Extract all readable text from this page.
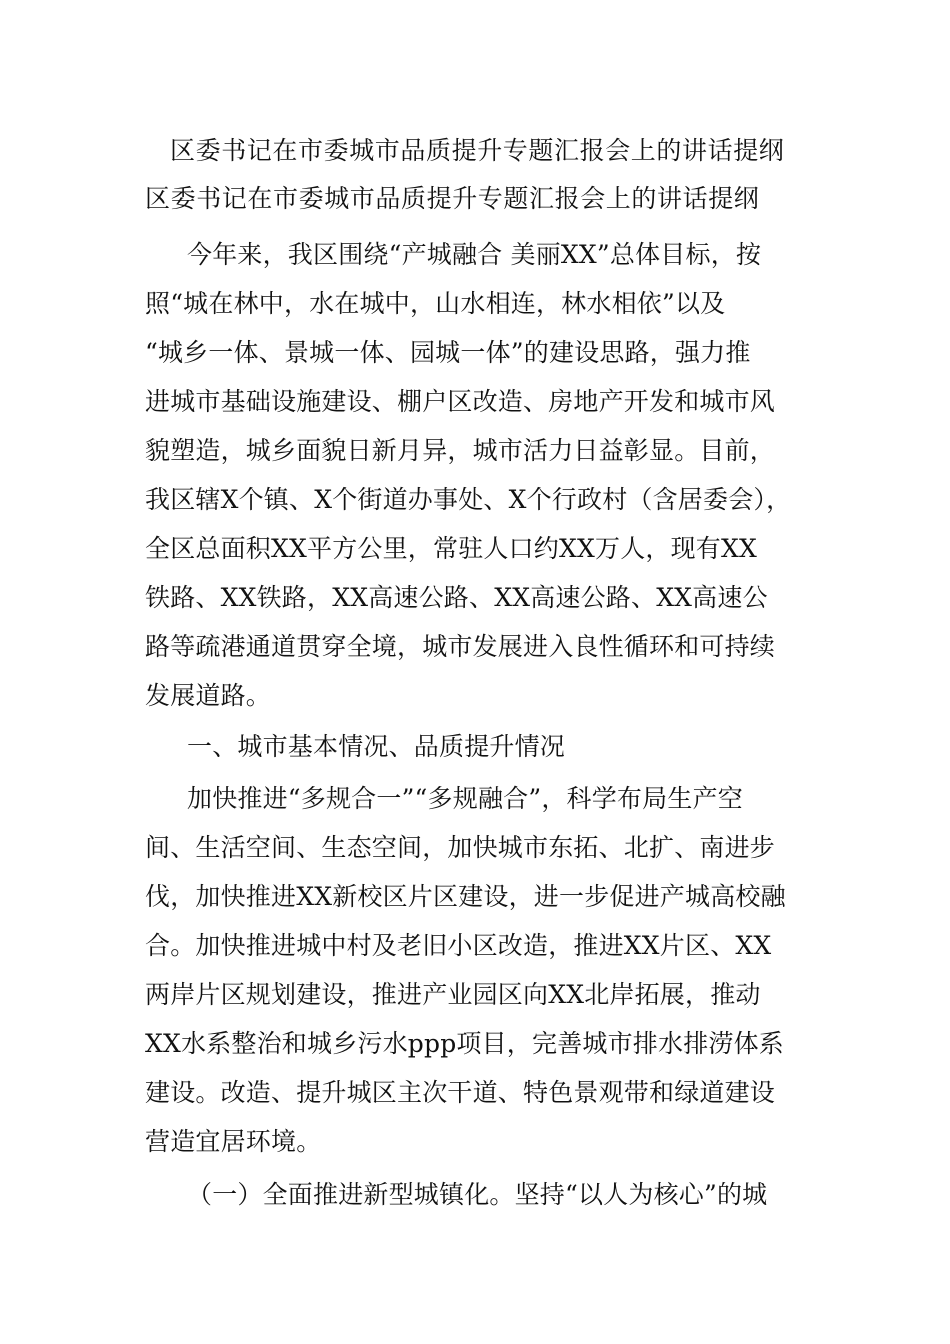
区委书记在市委城市品质提升专题汇报会上的讲话提纲
区委书记在市委城市品质提升专题汇报会上的讲话提纲
今年来，我区围绕“产城融合 美丽XX”总体目标，按
照“城在林中，水在城中，山水相连，林水相依”以及
“城乡一体、景城一体、园城一体”的建设思路，强力推
进城市基础设施建设、棚户区改造、房地产开发和城市风
貌塑造，城乡面貌日新月异，城市活力日益彰显。目前，
我区辖X个镇、X个街道办事处、X个行政村（含居委会），
全区总面积XX平方公里，常驻人口约XX万人，现有XX
铁路、XX铁路，XX高速公路、XX高速公路、XX高速公
路等疏港通道贯穿全境，城市发展进入良性循环和可持续
发展道路。
一、城市基本情况、品质提升情况
加快推进“多规合一”“多规融合”，科学布局生产空
间、生活空间、生态空间，加快城市东拓、北扩、南进步
伐，加快推进XX新校区片区建设，进一步促进产城高校融
合。加快推进城中村及老旧小区改造，推进XX片区、XX
两岸片区规划建设，推进产业园区向XX北岸拓展，推动
XX水系整治和城乡污水ppp项目，完善城市排水排涝体系
建设。改造、提升城区主次干道、特色景观带和绿道建设
营造宜居环境。
（一）全面推进新型城镇化。坚持“以人为核心”的城
